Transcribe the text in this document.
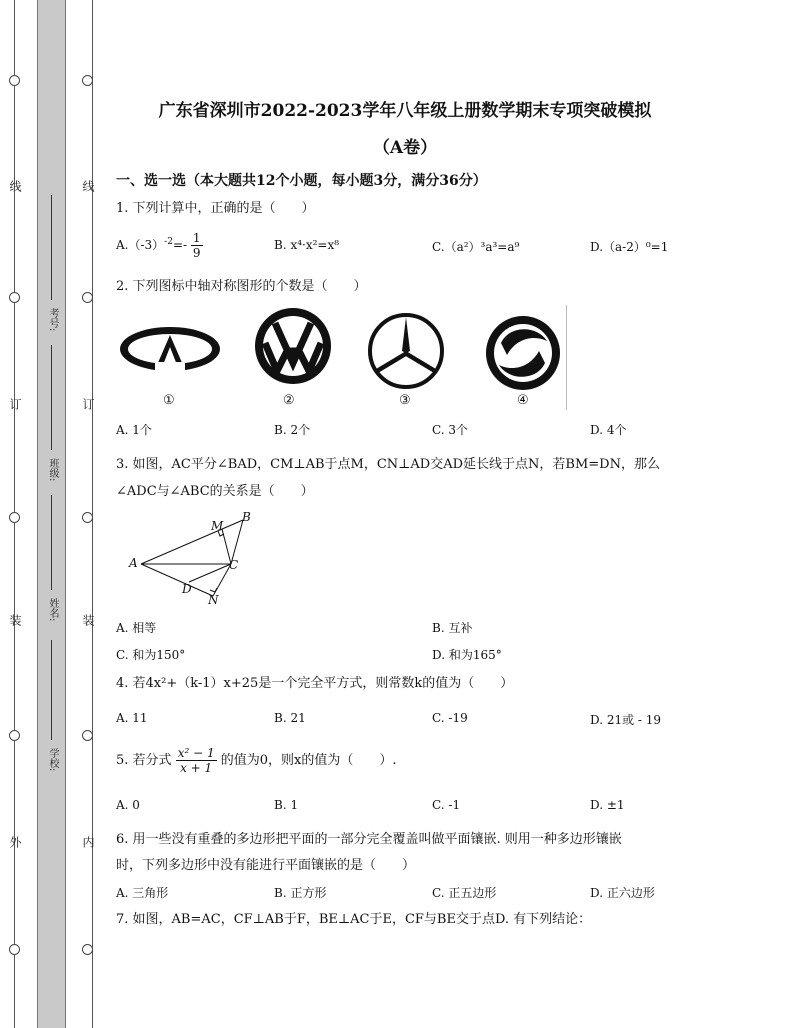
线
订
装
外
线
订
装
内
考号:
班级:
姓名:
学校:
广东省深圳市2022-2023学年八年级上册数学期末专项突破模拟
（A卷）
一、选一选（本大题共12个小题，每小题3分，满分36分）
1. 下列计算中，正确的是（　　）
$A.(-3)^{-2}=- \frac{1}{9}$	B. x⁴·x²=x⁸	C.（a²）³a³=a⁹	D.（a-2）⁰=1
2. 下列图标中轴对称图形的个数是（　　）
①	②	③	④
A. 1个	B. 2个	C. 3个	D. 4个
3. 如图，AC平分∠BAD，CM⊥AB于点M，CN⊥AD交AD延长线于点N，若BM=DN，那么
∠ADC与∠ABC的关系是（　　）
A
B
C
D
M
N
A. 相等	B. 互补
C. 和为150°	D. 和为165°
4. 若4x²+（k-1）x+25是一个完全平方式，则常数k的值为（　　）
A. 11	B. 21	C. -19	D. 21或 - 19
5. 若分式 $\frac{\text{x² − 1}}{x + 1}$ 的值为0，则x的值为（　　）.
A. 0	B. 1	C. -1	D. ±1
6. 用一些没有重叠的多边形把平面的一部分完全覆盖叫做平面镶嵌. 则用一种多边形镶嵌
时，下列多边形中没有能进行平面镶嵌的是（　　）
A. 三角形	B. 正方形	C. 正五边形	D. 正六边形
7. 如图，AB=AC，CF⊥AB于F，BE⊥AC于E，CF与BE交于点D. 有下列结论：
